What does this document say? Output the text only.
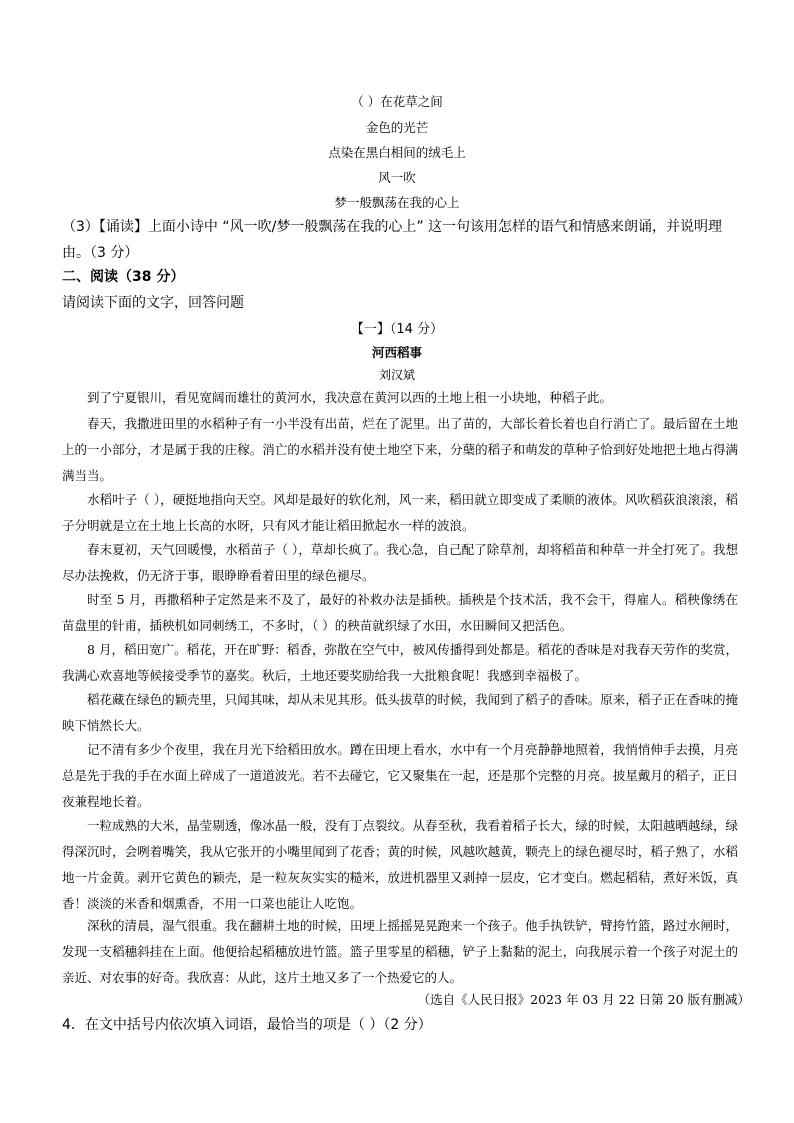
（ ）在花草之间
金色的光芒
点染在黑白相间的绒毛上
风一吹
梦一般飘荡在我的心上
（3）【诵读】上面小诗中 “风一吹/梦一般飘荡在我的心上” 这一句该用怎样的语气和情感来朗诵，并说明理
由。（3 分）
二、阅读（38 分）
请阅读下面的文字，回答问题
【一】（14 分）
河西稻事
刘汉斌
到了宁夏银川，看见宽阔而雄壮的黄河水，我决意在黄河以西的土地上租一小块地，种稻子此。
春天，我撒进田里的水稻种子有一小半没有出苗，烂在了泥里。出了苗的，大部长着长着也自行消亡了。最后留在土地上的一小部分，才是属于我的庄稼。消亡的水稻并没有使土地空下来，分蘖的稻子和萌发的草种子恰到好处地把土地占得满满当当。
水稻叶子（ ），硬挺地指向天空。风却是最好的软化剂，风一来，稻田就立即变成了柔顺的液体。风吹稻荻浪滚滚，稻子分明就是立在土地上长高的水呀，只有风才能让稻田掀起水一样的波浪。
春末夏初，天气回暖慢，水稻苗子（ ），草却长疯了。我心急，自己配了除草剂，却将稻苗和种草一并全打死了。我想尽办法挽救，仍无济于事，眼睁睁看着田里的绿色褪尽。
时至 5 月，再撒稻种子定然是来不及了，最好的补救办法是插秧。插秧是个技术活，我不会干，得雇人。稻秧像绣在苗盘里的针甫，插秧机如同刺绣工，不多时，（ ）的秧苗就织绿了水田，水田瞬间又把活色。
8 月，稻田宽广。稻花，开在旷野：稻香，弥散在空气中，被风传播得到处都是。稻花的香味是对我春天劳作的奖赏，我满心欢喜地等候接受季节的嘉奖。秋后，土地还要奖励给我一大批粮食呢！我感到幸福极了。
稻花藏在绿色的颖壳里，只闻其味，却从未见其形。低头拔草的时候，我闻到了稻子的香味。原来，稻子正在香味的掩映下悄然长大。
记不清有多少个夜里，我在月光下给稻田放水。蹲在田埂上看水，水中有一个月亮静静地照着，我悄悄伸手去摸，月亮总是先于我的手在水面上碎成了一道道波光。若不去碰它，它又聚集在一起，还是那个完整的月亮。披星戴月的稻子，正日夜兼程地长着。
一粒成熟的大米，晶莹剔透，像冰晶一般，没有丁点裂纹。从春至秋，我看着稻子长大，绿的时候，太阳越晒越绿，绿得深沉时，会咧着嘴笑，我从它张开的小嘴里闻到了花香；黄的时候，风越吹越黄，颗壳上的绿色褪尽时，稻子熟了，水稻地一片金黄。剥开它黄色的颖壳，是一粒灰灰实实的糙米，放进机器里又剥掉一层皮，它才变白。燃起稻秸，煮好米饭，真香！淡淡的米香和烟熏香，不用一口菜也能让人吃饱。
深秋的清晨，湿气很重。我在翻耕土地的时候，田埂上摇摇晃晃跑来一个孩子。他手执铁铲，臂挎竹篮，路过水闸时，发现一支稻穗斜挂在上面。他便拾起稻穗放进竹篮。篮子里零星的稻穗，铲子上黏黏的泥土，向我展示着一个孩子对泥土的亲近、对农事的好奇。我欣喜：从此，这片土地又多了一个热爱它的人。
（选自《人民日报》2023 年 03 月 22 日第 20 版有删减）
4．在文中括号内依次填入词语，最恰当的项是（ ）（2 分）
